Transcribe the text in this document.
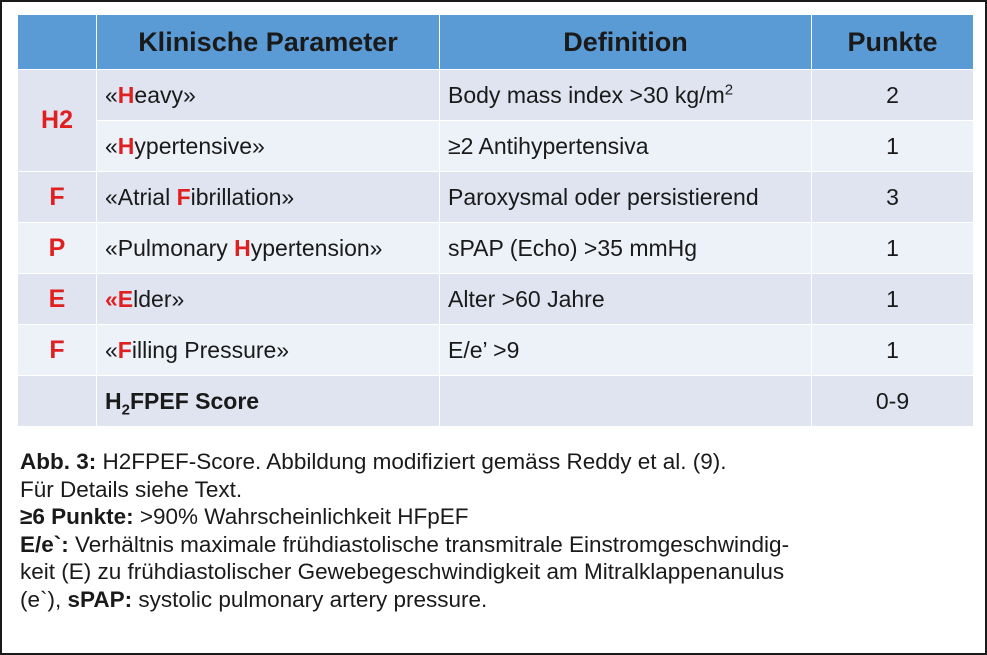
	Klinische Parameter	Definition	Punkte
H2	«Heavy»	Body mass index >30 $kg/m^2$	2
	«Hypertensive»	≥2 Antihypertensiva	1
F	«Atrial Fibrillation»	Paroxysmal oder persistierend	3
P	«Pulmonary Hypertension»	sPAP (Echo) >35 mmHg	1
E	«Elder»	Alter >60 Jahre	1
F	«Filling Pressure»	E/e’ >9	1
	$H_2FPEF$ Score		0-9

Abb. 3: H2FPEF-Score. Abbildung modifiziert gemäss Reddy et al. (9).

Für Details siehe Text.

≥6 Punkte: >90% Wahrscheinlichkeit HFpEF

E/e`: Verhältnis maximale frühdiastolische transmitrale Einstromgeschwindig-

keit (E) zu frühdiastolischer Gewebegeschwindigkeit am Mitralklappenanulus

(e`), sPAP: systolic pulmonary artery pressure.
